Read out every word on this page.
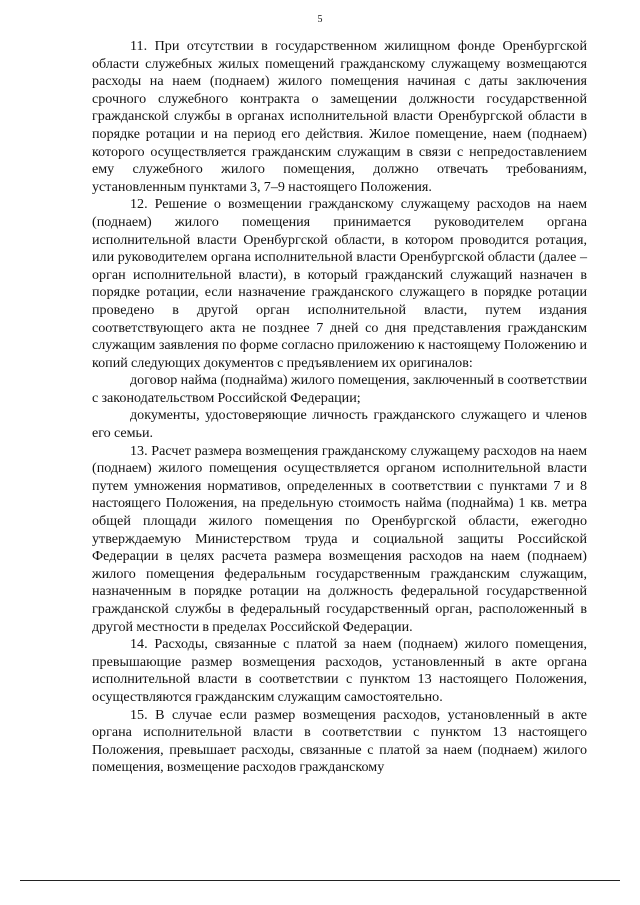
5

11. При отсутствии в государственном жилищном фонде Оренбургской области служебных жилых помещений гражданскому служащему возмещаются расходы на наем (поднаем) жилого помещения начиная с даты заключения срочного служебного контракта о замещении должности государственной гражданской службы в органах исполнительной власти Оренбургской области в порядке ротации и на период его действия. Жилое помещение, наем (поднаем) которого осуществляется гражданским служащим в связи с непредоставлением ему служебного жилого помещения, должно отвечать требованиям, установленным пунктами 3, 7–9 настоящего Положения.

12. Решение о возмещении гражданскому служащему расходов на наем (поднаем) жилого помещения принимается руководителем органа исполнительной власти Оренбургской области, в котором проводится ротация, или руководителем органа исполнительной власти Оренбургской области (далее – орган исполнительной власти), в который гражданский служащий назначен в порядке ротации, если назначение гражданского служащего в порядке ротации проведено в другой орган исполнительной власти, путем издания соответствующего акта не позднее 7 дней со дня представления гражданским служащим заявления по форме согласно приложению к настоящему Положению и копий следующих документов с предъявлением их оригиналов:

договор найма (поднайма) жилого помещения, заключенный в соответствии с законодательством Российской Федерации;

документы, удостоверяющие личность гражданского служащего и членов его семьи.

13. Расчет размера возмещения гражданскому служащему расходов на наем (поднаем) жилого помещения осуществляется органом исполнительной власти путем умножения нормативов, определенных в соответствии с пунктами 7 и 8 настоящего Положения, на предельную стоимость найма (поднайма) 1 кв. метра общей площади жилого помещения по Оренбургской области, ежегодно утверждаемую Министерством труда и социальной защиты Российской Федерации в целях расчета размера возмещения расходов на наем (поднаем) жилого помещения федеральным государственным гражданским служащим, назначенным в порядке ротации на должность федеральной государственной гражданской службы в федеральный государственный орган, расположенный в другой местности в пределах Российской Федерации.

14. Расходы, связанные с платой за наем (поднаем) жилого помещения, превышающие размер возмещения расходов, установленный в акте органа исполнительной власти в соответствии с пунктом 13 настоящего Положения, осуществляются гражданским служащим самостоятельно.

15. В случае если размер возмещения расходов, установленный в акте органа исполнительной власти в соответствии с пунктом 13 настоящего Положения, превышает расходы, связанные с платой за наем (поднаем) жилого помещения, возмещение расходов гражданскому
